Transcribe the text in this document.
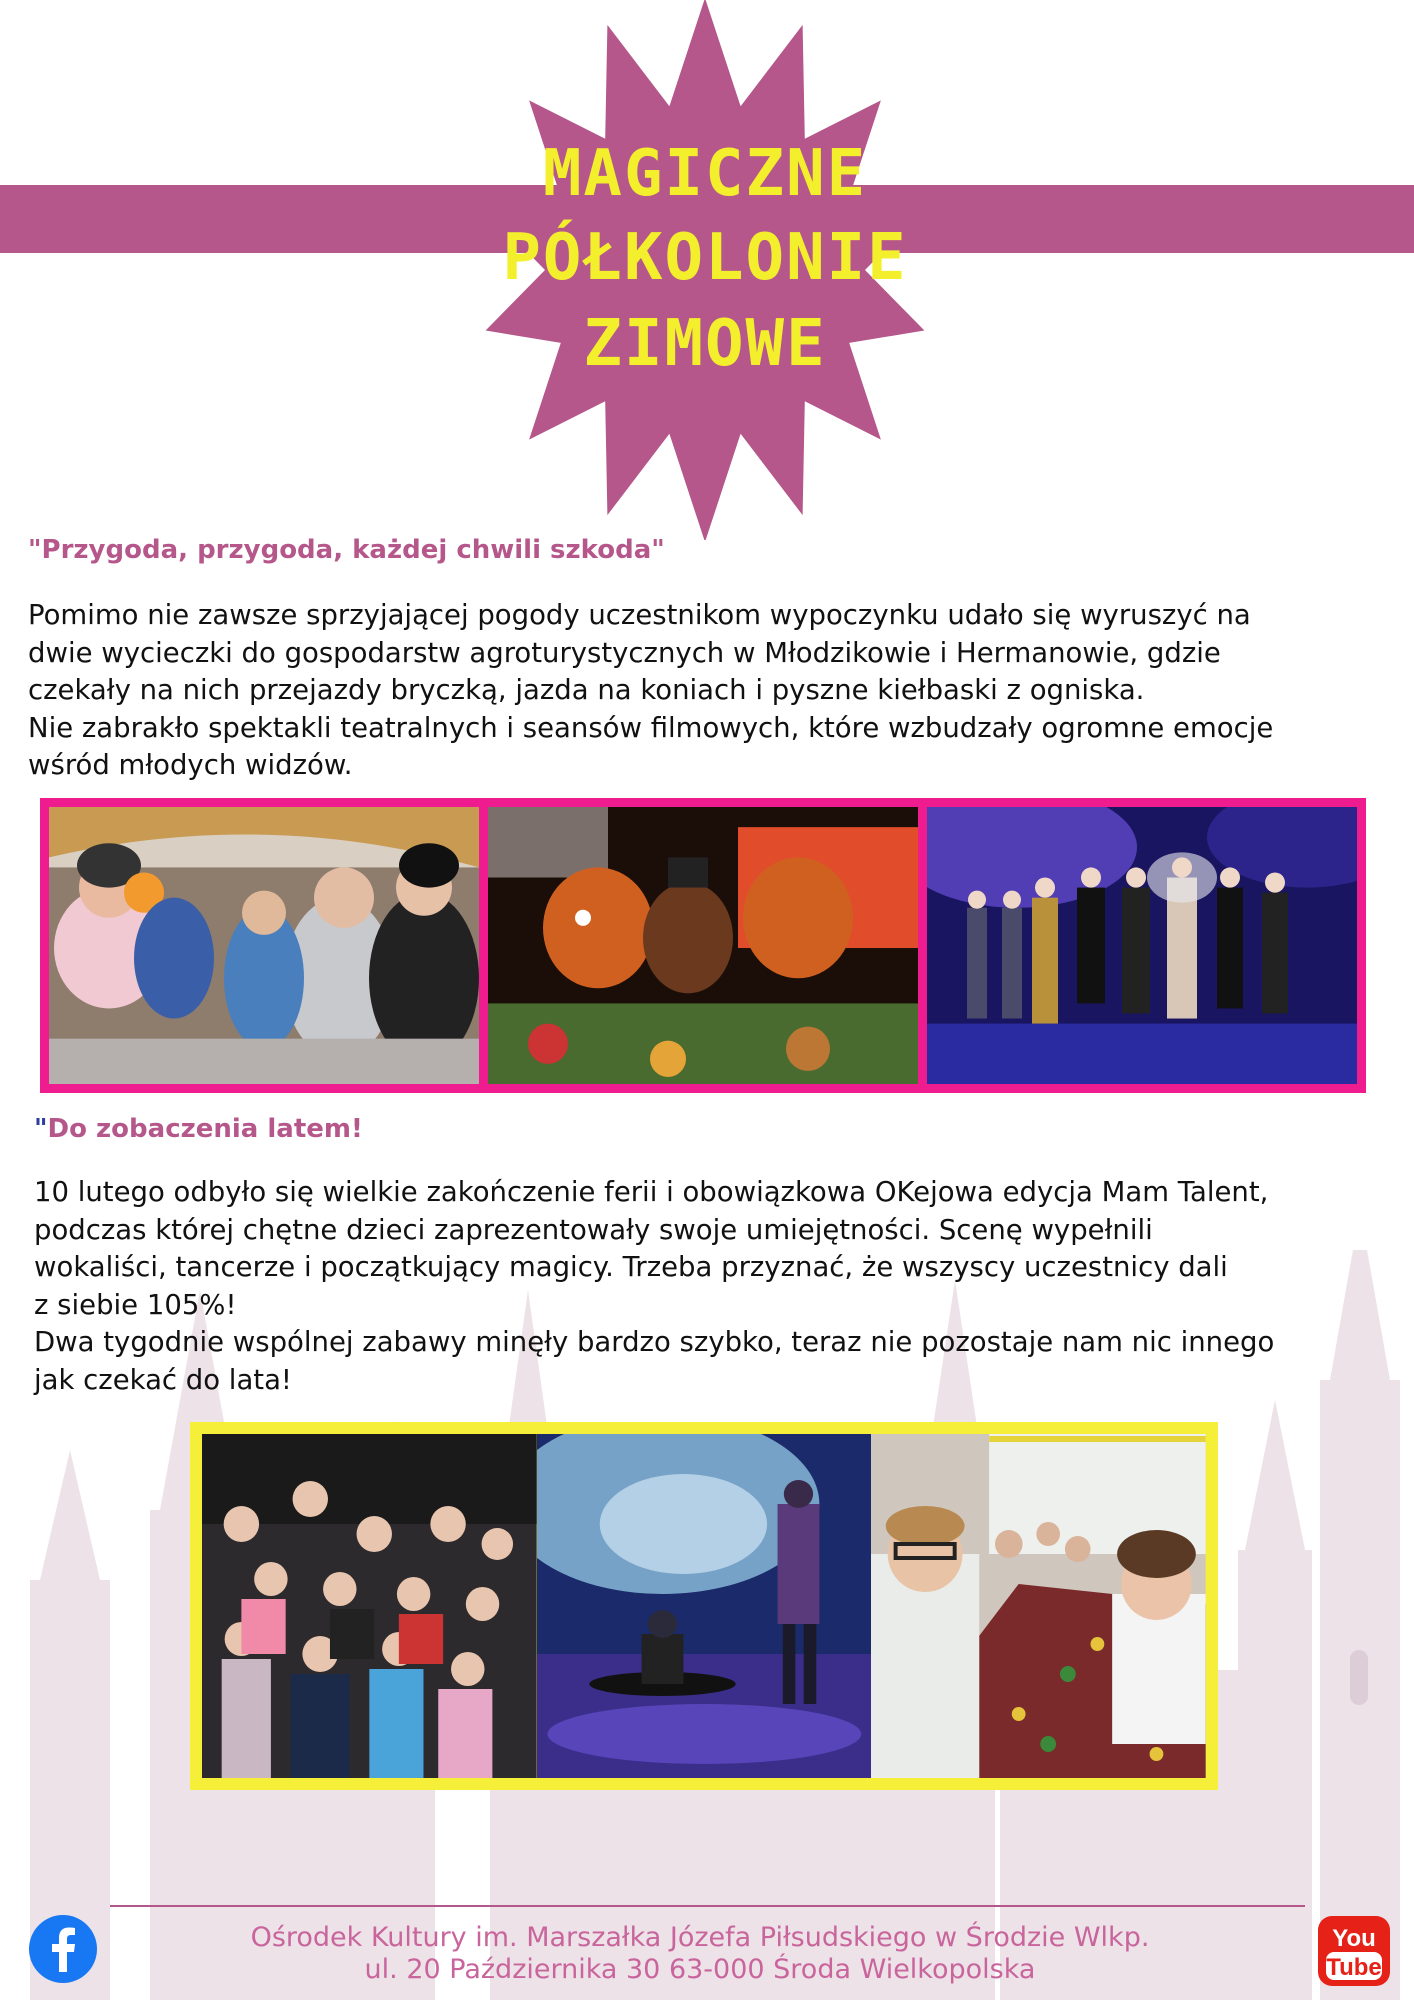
MAGICZNE
PÓŁKOLONIE
ZIMOWE
"Przygoda, przygoda, każdej chwili szkoda"

Pomimo nie zawsze sprzyjającej pogody uczestnikom wypoczynku udało się wyruszyć na

dwie wycieczki do gospodarstw agroturystycznych w Młodzikowie i Hermanowie, gdzie

czekały na nich przejazdy bryczką, jazda na koniach i pyszne kiełbaski z ogniska.

Nie zabrakło spektakli teatralnych i seansów filmowych, które wzbudzały ogromne emocje

wśród młodych widzów.

"Do zobaczenia latem!

10 lutego odbyło się wielkie zakończenie ferii i obowiązkowa OKejowa edycja Mam Talent,

podczas której chętne dzieci zaprezentowały swoje umiejętności. Scenę wypełnili

wokaliści, tancerze i początkujący magicy. Trzeba przyznać, że wszyscy uczestnicy dali

z siebie 105%!

Dwa tygodnie wspólnej zabawy minęły bardzo szybko, teraz nie pozostaje nam nic innego

jak czekać do lata!

Ośrodek Kultury im. Marszałka Józefa Piłsudskiego w Środzie Wlkp.
ul. 20 Października 30 63-000 Środa Wielkopolska
You
Tube
